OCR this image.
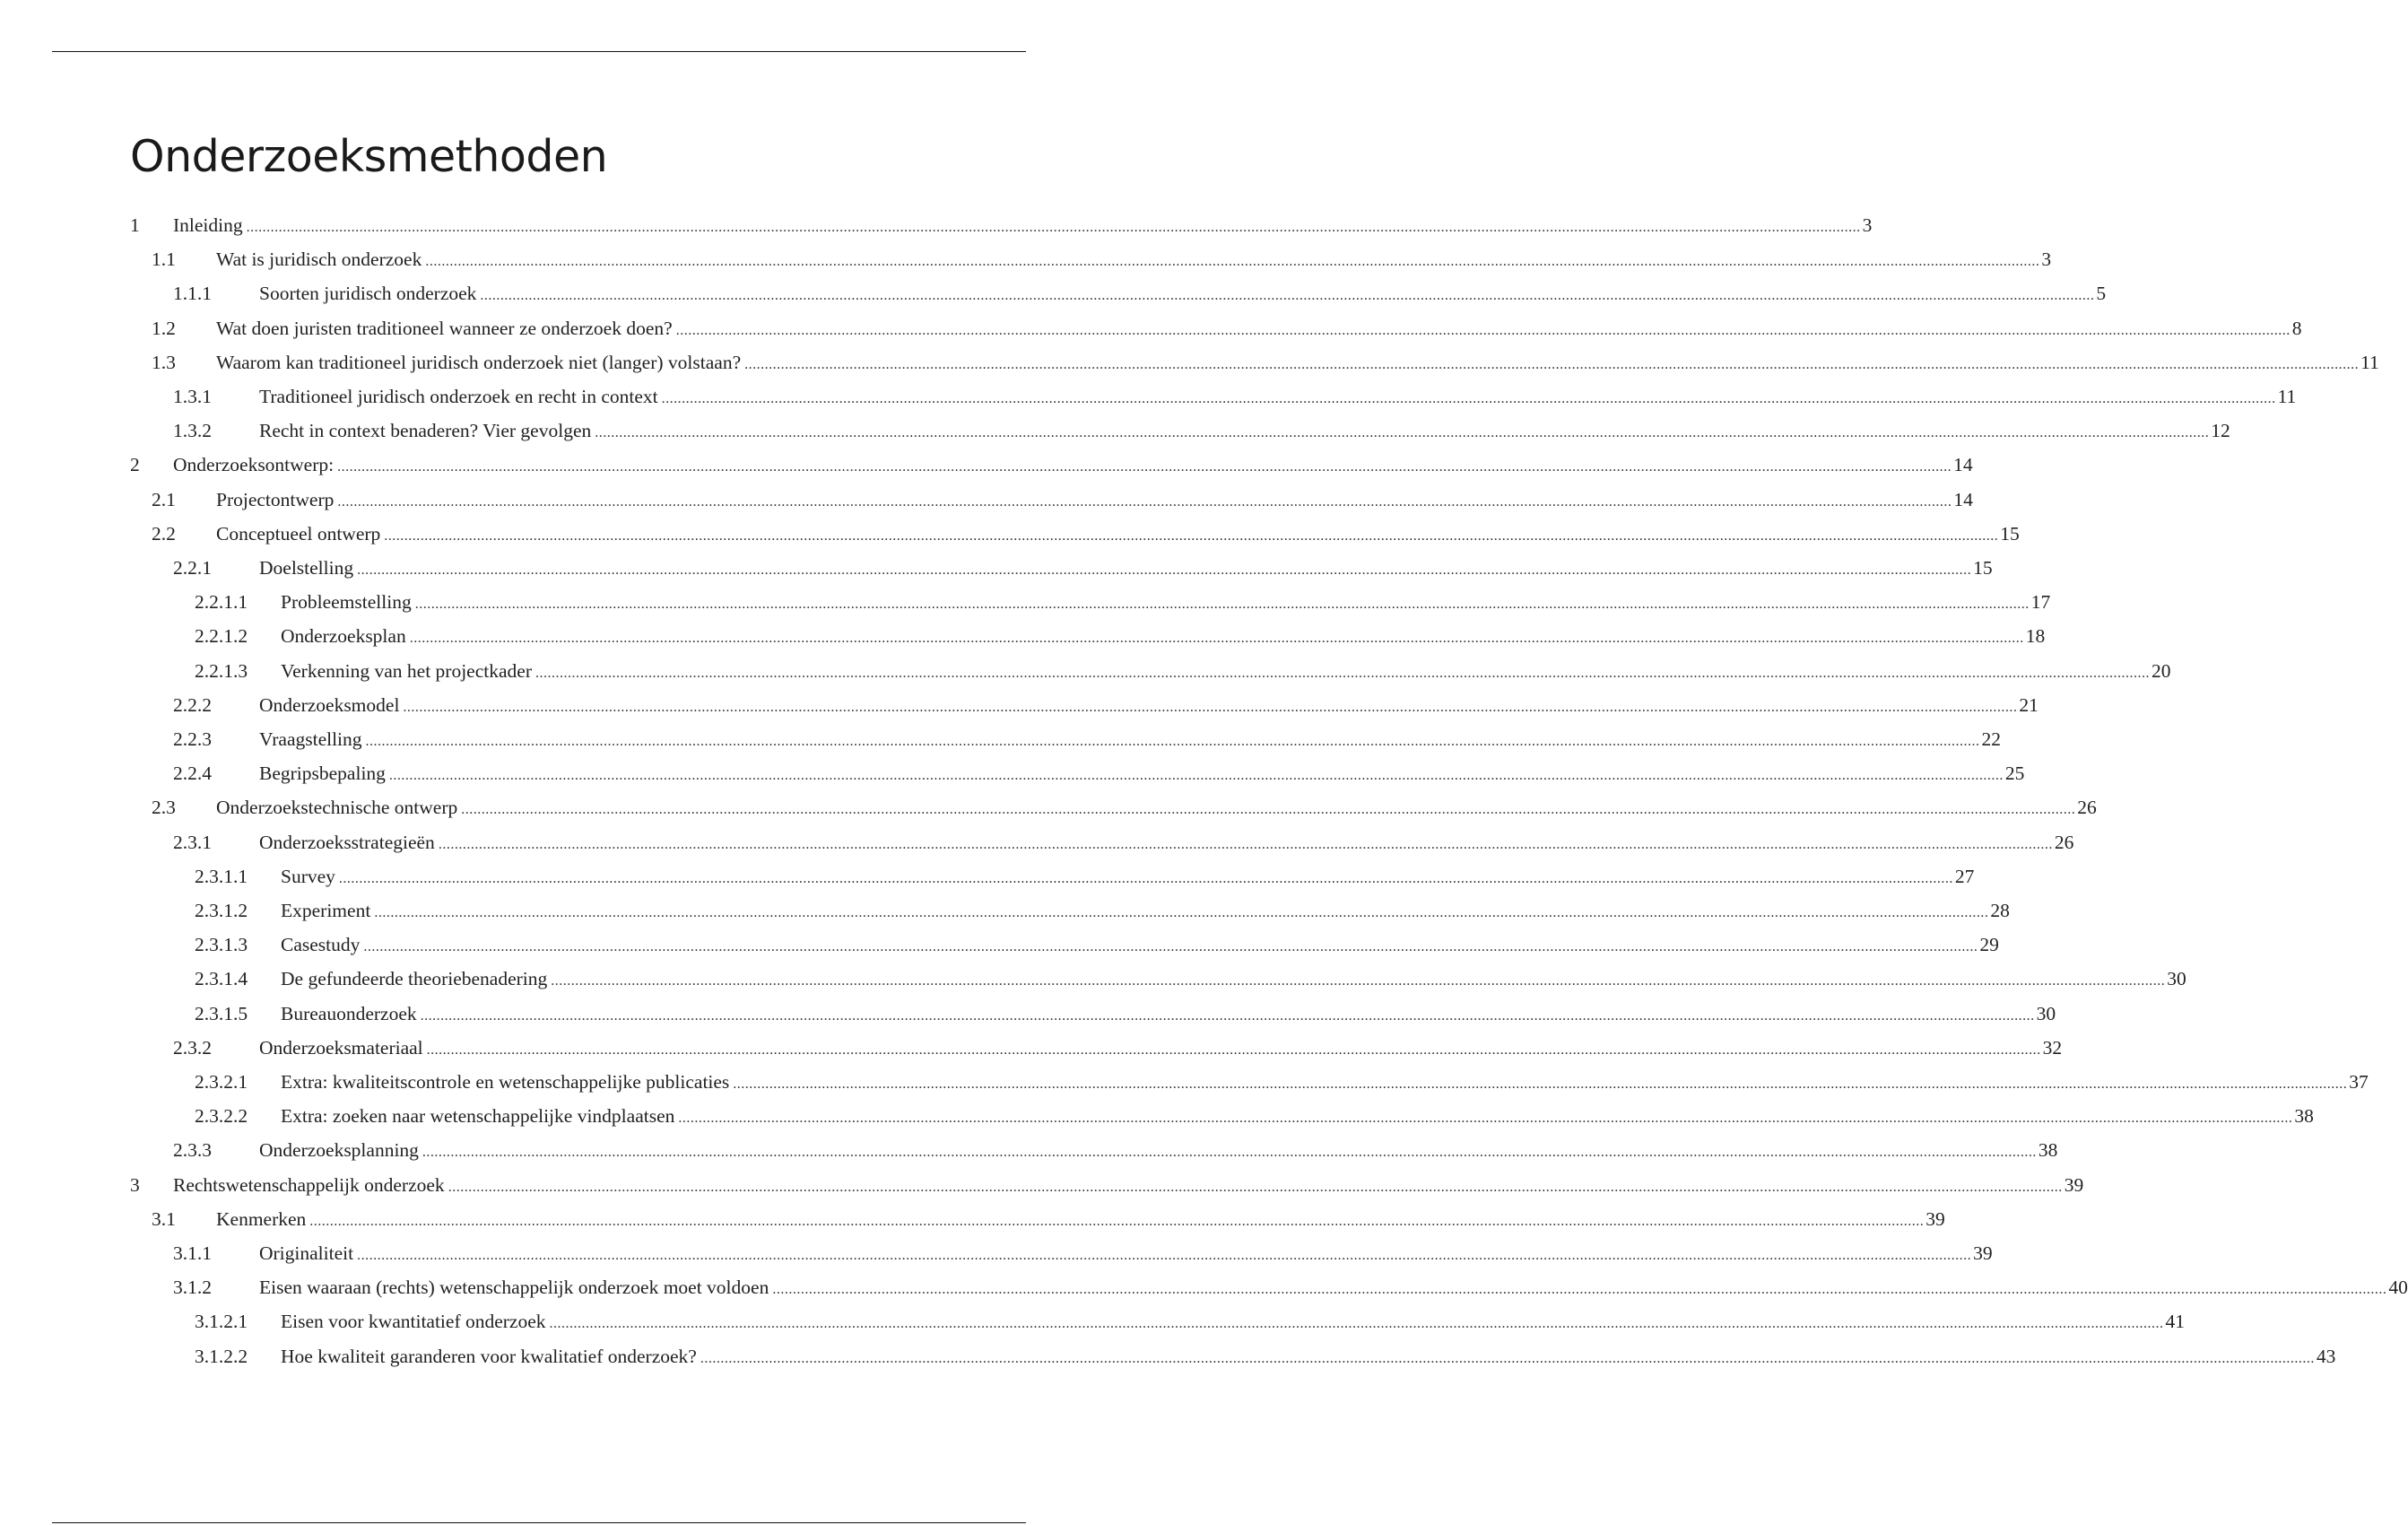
Onderzoeksmethoden
1	Inleiding ................................................................................................................................................................................................................................................................................................................................................................................................................ 3
1.1	Wat is juridisch onderzoek ................................................................................................................................................................................................................................................................................................................................................................................................................ 3
1.1.1	Soorten juridisch onderzoek ................................................................................................................................................................................................................................................................................................................................................................................................................ 5
1.2	Wat doen juristen traditioneel wanneer ze onderzoek doen? ................................................................................................................................................................................................................................................................................................................................................................................................................ 8
1.3	Waarom kan traditioneel juridisch onderzoek niet (langer) volstaan? ................................................................................................................................................................................................................................................................................................................................................................................................................ 11
1.3.1	Traditioneel juridisch onderzoek en recht in context ................................................................................................................................................................................................................................................................................................................................................................................................................ 11
1.3.2	Recht in context benaderen? Vier gevolgen ................................................................................................................................................................................................................................................................................................................................................................................................................ 12
2	Onderzoeksontwerp: ................................................................................................................................................................................................................................................................................................................................................................................................................ 14
2.1	Projectontwerp ................................................................................................................................................................................................................................................................................................................................................................................................................ 14
2.2	Conceptueel ontwerp ................................................................................................................................................................................................................................................................................................................................................................................................................ 15
2.2.1	Doelstelling ................................................................................................................................................................................................................................................................................................................................................................................................................ 15
2.2.1.1	Probleemstelling ................................................................................................................................................................................................................................................................................................................................................................................................................ 17
2.2.1.2	Onderzoeksplan ................................................................................................................................................................................................................................................................................................................................................................................................................ 18
2.2.1.3	Verkenning van het projectkader ................................................................................................................................................................................................................................................................................................................................................................................................................ 20
2.2.2	Onderzoeksmodel ................................................................................................................................................................................................................................................................................................................................................................................................................ 21
2.2.3	Vraagstelling ................................................................................................................................................................................................................................................................................................................................................................................................................ 22
2.2.4	Begripsbepaling ................................................................................................................................................................................................................................................................................................................................................................................................................ 25
2.3	Onderzoekstechnische ontwerp ................................................................................................................................................................................................................................................................................................................................................................................................................ 26
2.3.1	Onderzoeksstrategieën ................................................................................................................................................................................................................................................................................................................................................................................................................ 26
2.3.1.1	Survey ................................................................................................................................................................................................................................................................................................................................................................................................................ 27
2.3.1.2	Experiment ................................................................................................................................................................................................................................................................................................................................................................................................................ 28
2.3.1.3	Casestudy ................................................................................................................................................................................................................................................................................................................................................................................................................ 29
2.3.1.4	De gefundeerde theoriebenadering ................................................................................................................................................................................................................................................................................................................................................................................................................ 30
2.3.1.5	Bureauonderzoek ................................................................................................................................................................................................................................................................................................................................................................................................................ 30
2.3.2	Onderzoeksmateriaal ................................................................................................................................................................................................................................................................................................................................................................................................................ 32
2.3.2.1	Extra: kwaliteitscontrole en wetenschappelijke publicaties ................................................................................................................................................................................................................................................................................................................................................................................................................ 37
2.3.2.2	Extra: zoeken naar wetenschappelijke vindplaatsen ................................................................................................................................................................................................................................................................................................................................................................................................................ 38
2.3.3	Onderzoeksplanning ................................................................................................................................................................................................................................................................................................................................................................................................................ 38
3	Rechtswetenschappelijk onderzoek ................................................................................................................................................................................................................................................................................................................................................................................................................ 39
3.1	Kenmerken ................................................................................................................................................................................................................................................................................................................................................................................................................ 39
3.1.1	Originaliteit ................................................................................................................................................................................................................................................................................................................................................................................................................ 39
3.1.2	Eisen waaraan (rechts) wetenschappelijk onderzoek moet voldoen ................................................................................................................................................................................................................................................................................................................................................................................................................ 40
3.1.2.1	Eisen voor kwantitatief onderzoek ................................................................................................................................................................................................................................................................................................................................................................................................................ 41
3.1.2.2	Hoe kwaliteit garanderen voor kwalitatief onderzoek? ................................................................................................................................................................................................................................................................................................................................................................................................................ 43
